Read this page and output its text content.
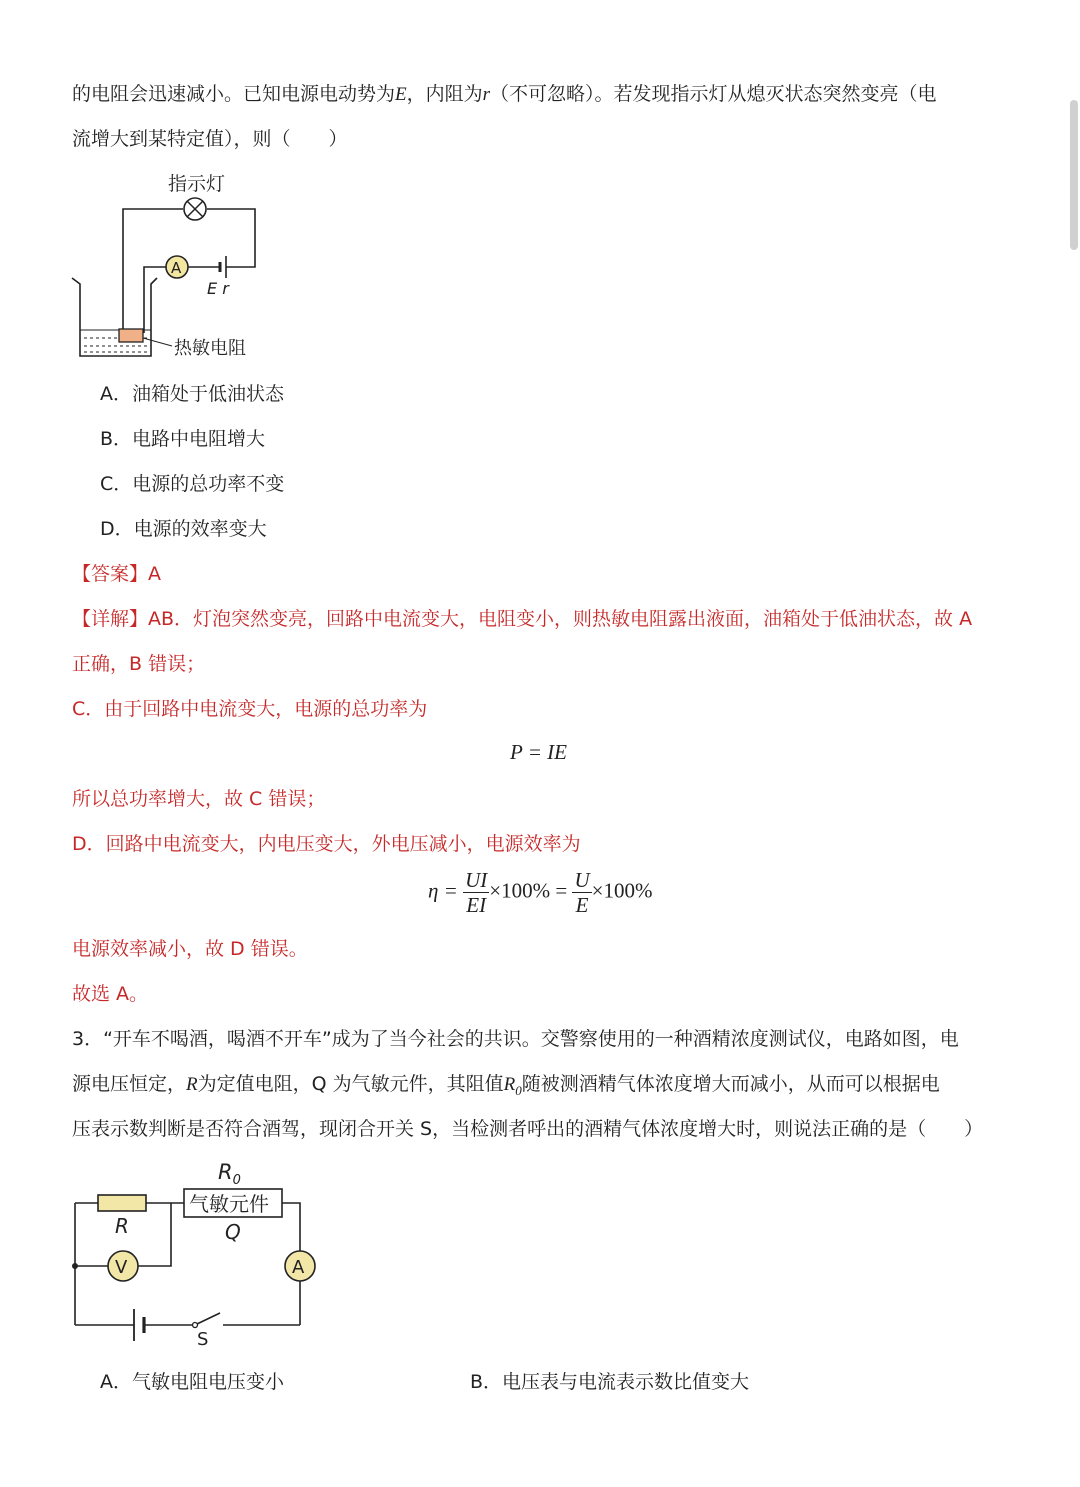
的电阻会迅速减小。已知电源电动势为E，内阻为r（不可忽略）。若发现指示灯从熄灭状态突然变亮（电
流增大到某特定值），则（　　）
指示灯
A
E r
热敏电阻
A．油箱处于低油状态
B．电路中电阻增大
C．电源的总功率不变
D．电源的效率变大
【答案】A
【详解】AB．灯泡突然变亮，回路中电流变大，电阻变小，则热敏电阻露出液面，油箱处于低油状态，故 A
正确，B 错误；
C．由于回路中电流变大，电源的总功率为
P = IE
所以总功率增大，故 C 错误；
D．回路中电流变大，内电压变大，外电压减小，电源效率为
$\eta = \frac{UI}{EI} \times 100\% = \frac{U}{E} \times 100\%$
电源效率减小，故 D 错误。
故选 A。
3．“开车不喝酒，喝酒不开车”成为了当今社会的共识。交警察使用的一种酒精浓度测试仪，电路如图，电
源电压恒定，R为定值电阻，Q 为气敏元件，其阻值$R_0$随被测酒精气体浓度增大而减小，从而可以根据电
压表示数判断是否符合酒驾，现闭合开关 S，当检测者呼出的酒精气体浓度增大时，则说法正确的是（　　）
$R_0$
气敏元件
R	Q
V	A
S
A．气敏电阻电压变小	B．电压表与电流表示数比值变大
